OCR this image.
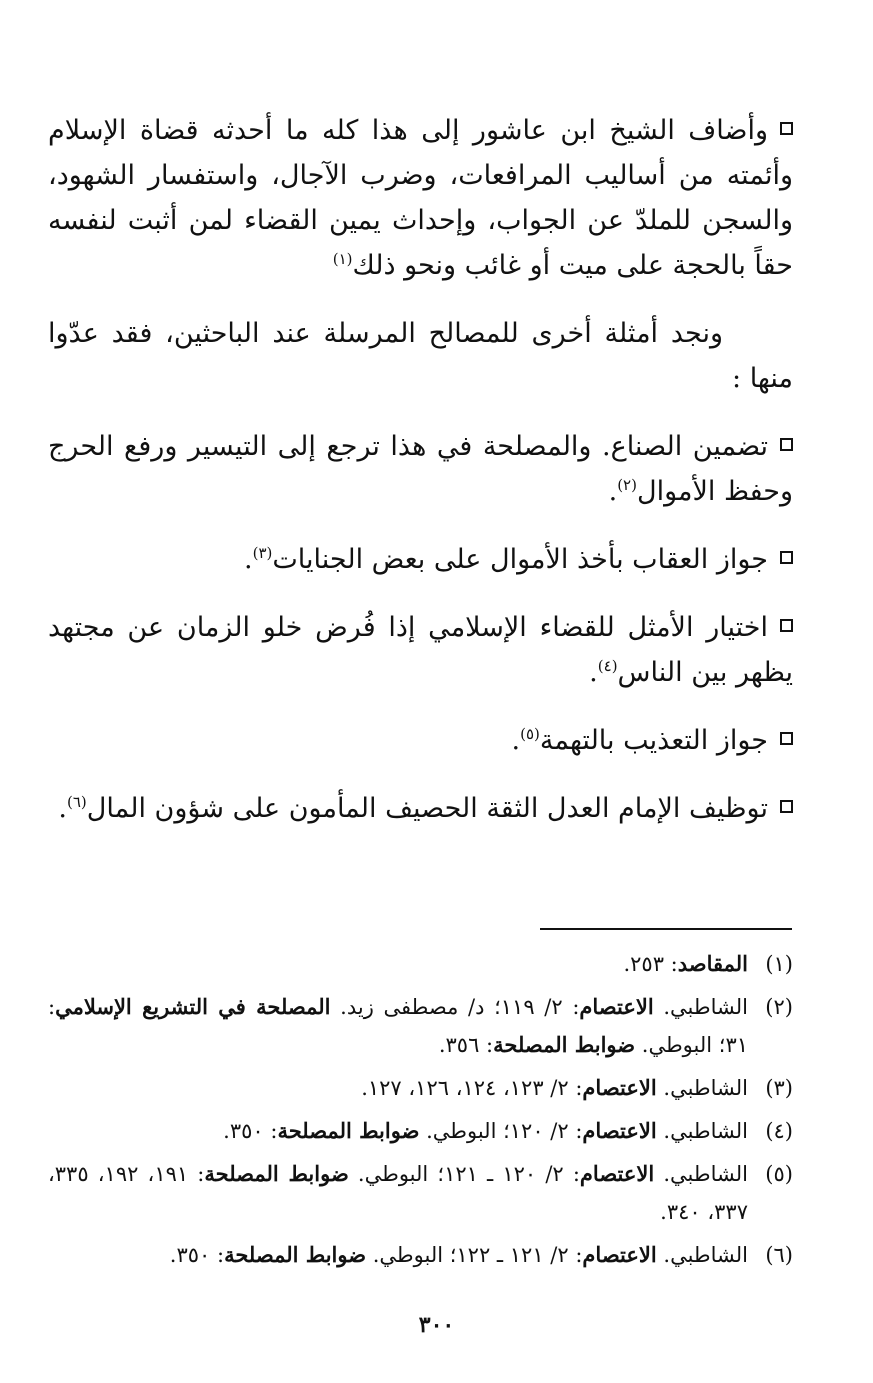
وأضاف الشيخ ابن عاشور إلى هذا كله ما أحدثه قضاة الإسلام وأئمته من أساليب المرافعات، وضرب الآجال، واستفسار الشهود، والسجن للملدّ عن الجواب، وإحداث يمين القضاء لمن أثبت لنفسه حقاً بالحجة على ميت أو غائب ونحو ذلك$^{(١)}$

ونجد أمثلة أخرى للمصالح المرسلة عند الباحثين، فقد عدّوا منها :

تضمين الصناع. والمصلحة في هذا ترجع إلى التيسير ورفع الحرج وحفظ الأموال$^{(٢)}$.

جواز العقاب بأخذ الأموال على بعض الجنايات$^{(٣)}$.

اختيار الأمثل للقضاء الإسلامي إذا فُرض خلو الزمان عن مجتهد يظهر بين الناس$^{(٤)}$.

جواز التعذيب بالتهمة$^{(٥)}$.

توظيف الإمام العدل الثقة الحصيف المأمون على شؤون المال$^{(٦)}$.

(١)المقاصد: ٢٥٣.

(٢)الشاطبي. الاعتصام: ٢/ ١١٩؛ د/ مصطفى زيد. المصلحة في التشريع الإسلامي: ٣١؛ البوطي. ضوابط المصلحة: ٣٥٦.

(٣)الشاطبي. الاعتصام: ٢/ ١٢٣، ١٢٤، ١٢٦، ١٢٧.

(٤)الشاطبي. الاعتصام: ٢/ ١٢٠؛ البوطي. ضوابط المصلحة: ٣٥٠.

(٥)الشاطبي. الاعتصام: ٢/ ١٢٠ ـ ١٢١؛ البوطي. ضوابط المصلحة: ١٩١، ١٩٢، ٣٣٥، ٣٣٧، ٣٤٠.

(٦)الشاطبي. الاعتصام: ٢/ ١٢١ ـ ١٢٢؛ البوطي. ضوابط المصلحة: ٣٥٠.

٣٠٠
